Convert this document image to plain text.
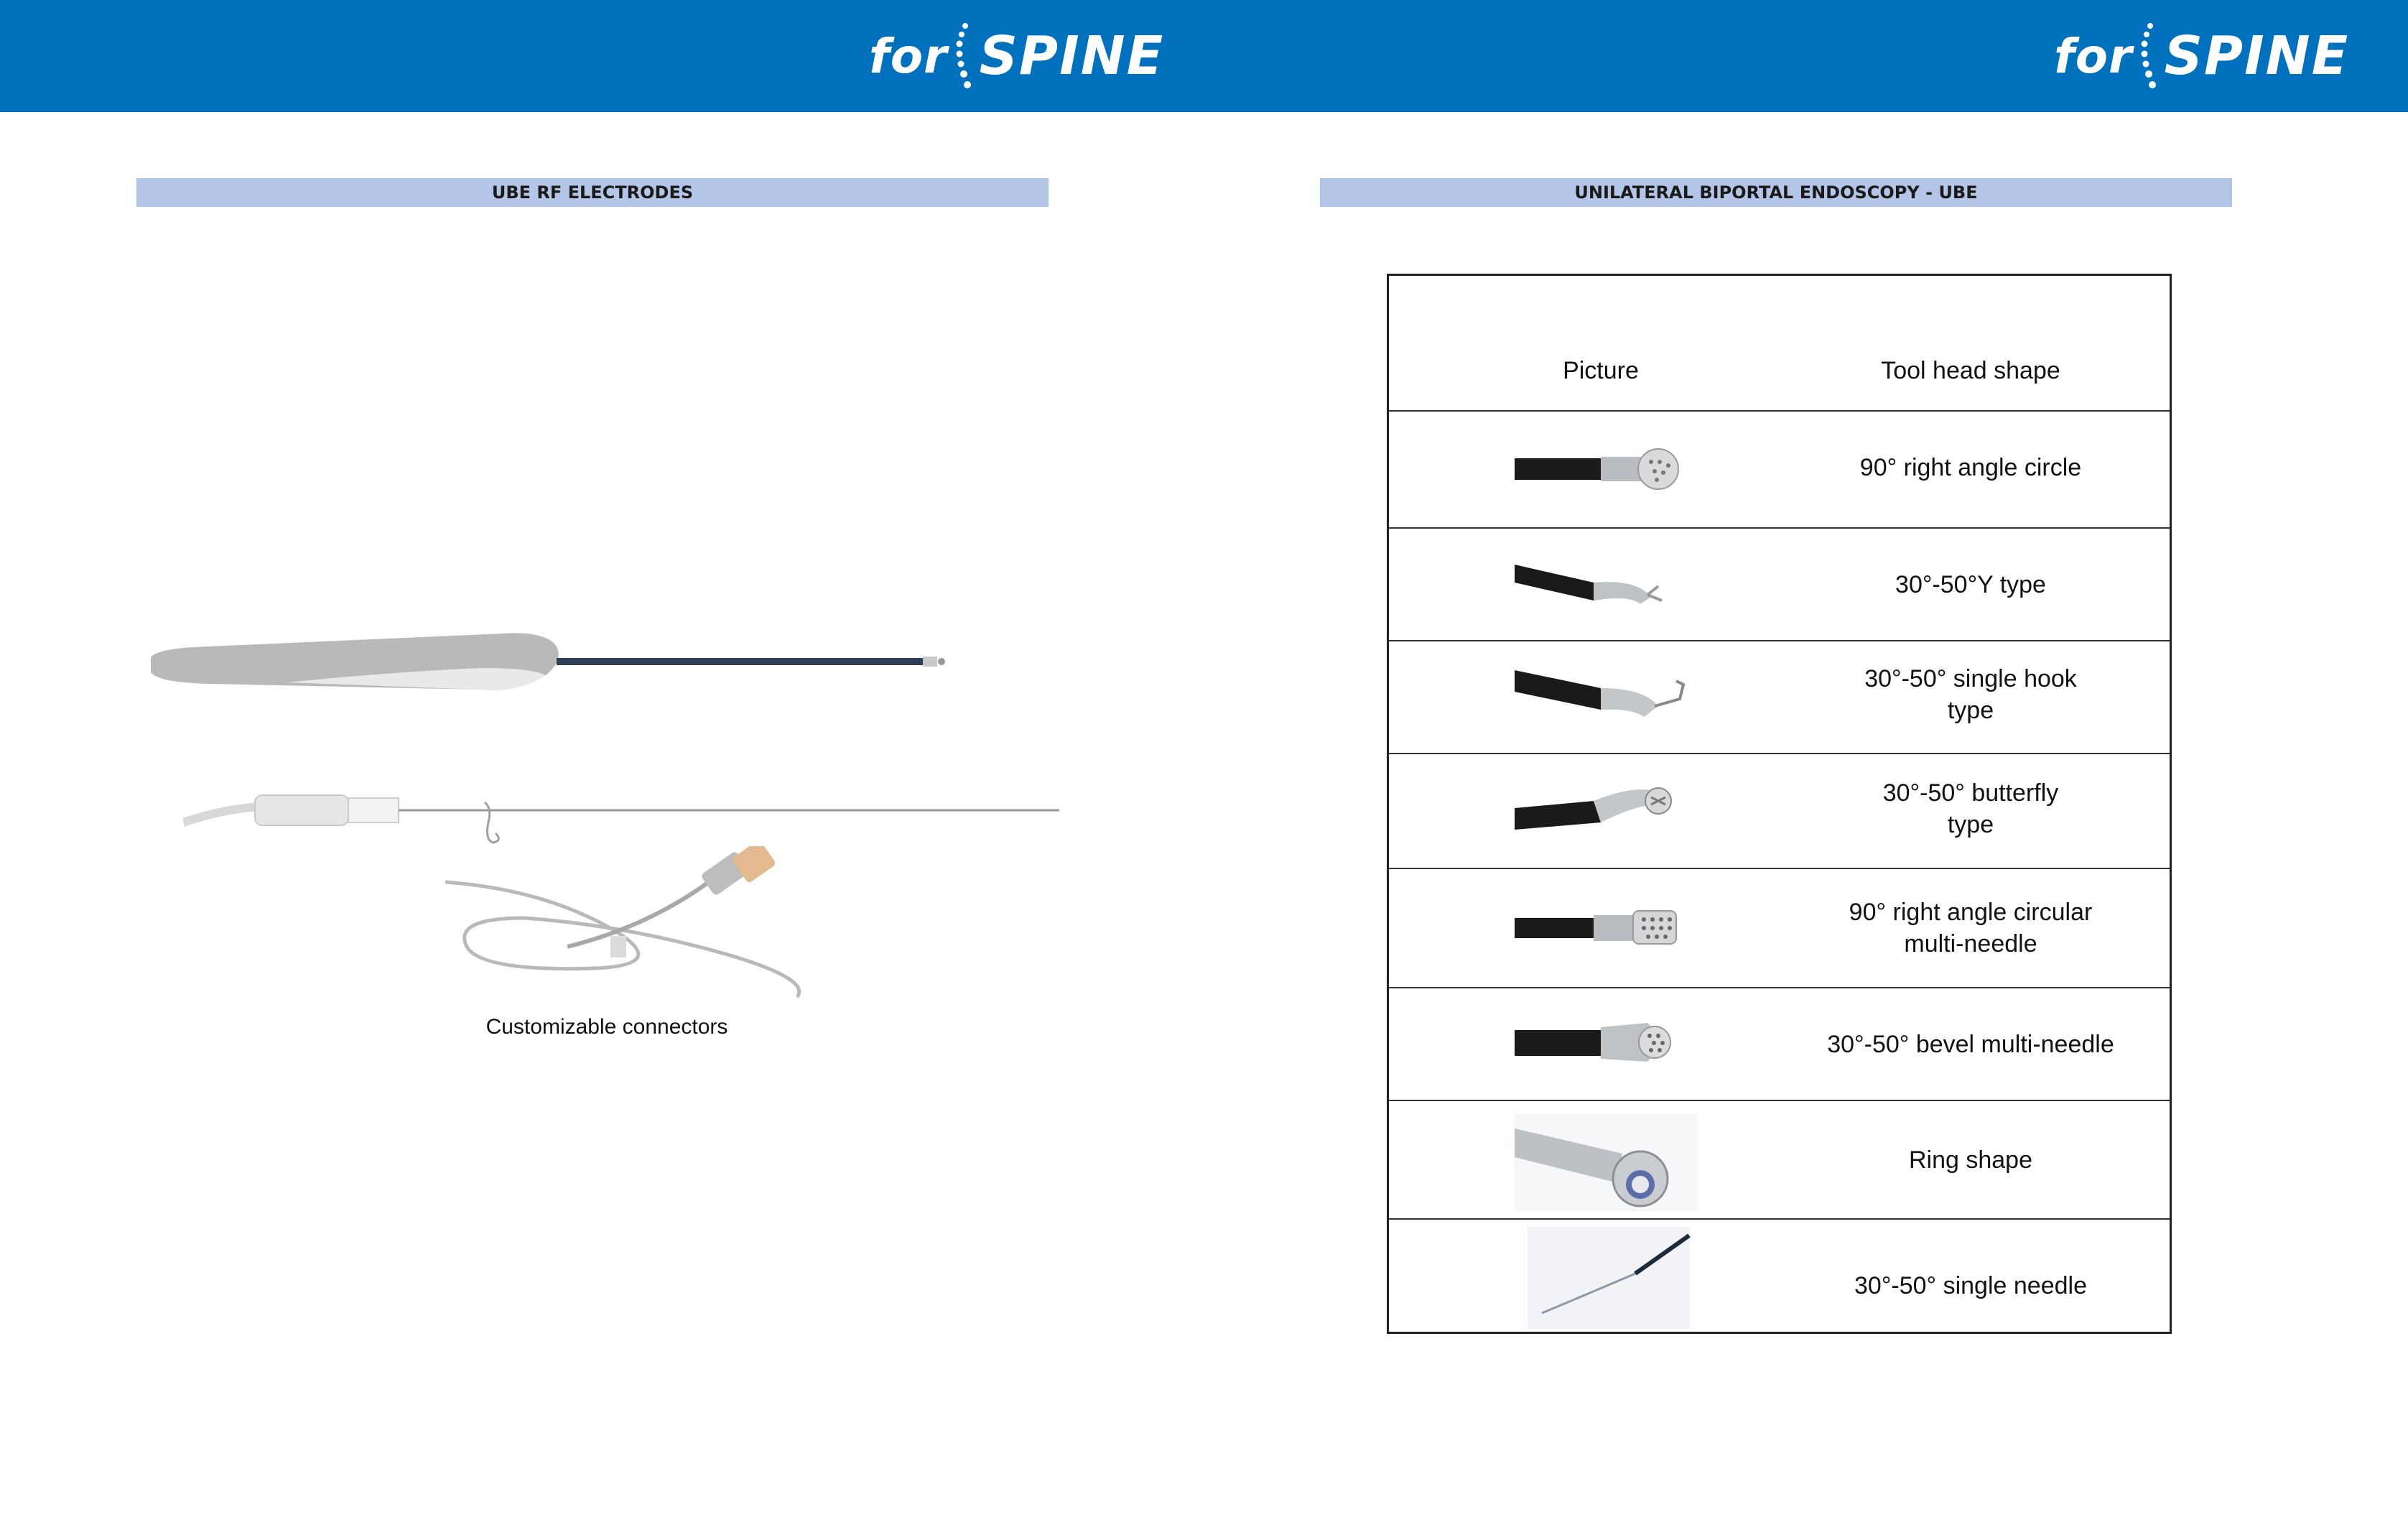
for SPINE	for SPINE
UBE RF ELECTRODES
Customizable connectors
UNILATERAL BIPORTAL ENDOSCOPY - UBE
Picture	Tool head shape
90° right angle circle
30°-50°Y type
30°-50° single hook
type
30°-50° butterfly
type
90° right angle circular
multi-needle
30°-50° bevel multi-needle
Ring shape
30°-50° single needle
